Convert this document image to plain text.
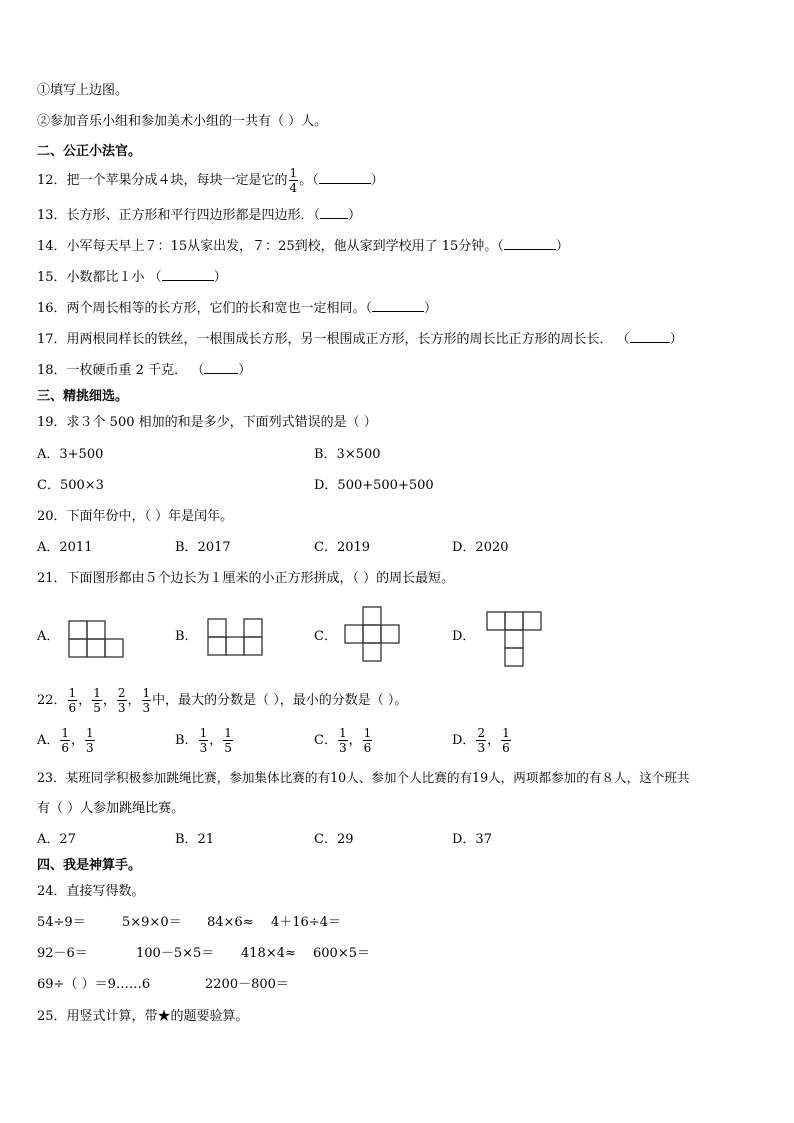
①填写上边图。
②参加音乐小组和参加美术小组的一共有（ ）人。
二、公正小法官。
12．把一个苹果分成４块，每块一定是它的 $\frac{1}{4}$ 。（	）
13．长方形、正方形和平行四边形都是四边形．（ ）
14．小军每天早上７：15从家出发，７：25到校，他从家到学校用了 15分钟。（	）
15．小数都比１小 （	）
16．两个周长相等的长方形，它们的长和宽也一定相同。（	）
17．用两根同样长的铁丝，一根围成长方形，另一根围成正方形，长方形的周长比正方形的周长长． （	）
18．一枚硬币重 2 千克． （	）
三、精挑细选。
19．求３个 500 相加的和是多少，下面列式错误的是（ ）
A．3+500	B．3×500
C．500×3	D．500+500+500
20．下面年份中，（ ）年是闰年。
A．2011	B．2017	C．2019	D．2020
21．下面图形都由５个边长为１厘米的小正方形拼成，（ ）的周长最短。
A．	B．	C．	D．
22． $\frac{1}{6}$ ， $\frac{1}{5}$ ， $\frac{2}{3}$ ， $\frac{1}{3}$ 中，最大的分数是（ ），最小的分数是（ ）。
A． $\frac{1}{6}$ ， $\frac{1}{3}$	B． $\frac{1}{3}$ ， $\frac{1}{5}$	C． $\frac{1}{3}$ ， $\frac{1}{6}$	D． $\frac{2}{3}$ ， $\frac{1}{6}$
23．某班同学积极参加跳绳比赛，参加集体比赛的有10人、参加个人比赛的有19人，两项都参加的有８人，这个班共
有（ ）人参加跳绳比赛。
A．27	B．21	C．29	D．37
四、我是神算手。
24．直接写得数。
54÷9＝	5×9×0＝ 84×6≈ 4＋16÷4＝
92－6＝	100－5×5＝ 418×4≈ 600×5＝
69÷（ ）＝9……6	2200－800＝
25．用竖式计算，带★的题要验算。
